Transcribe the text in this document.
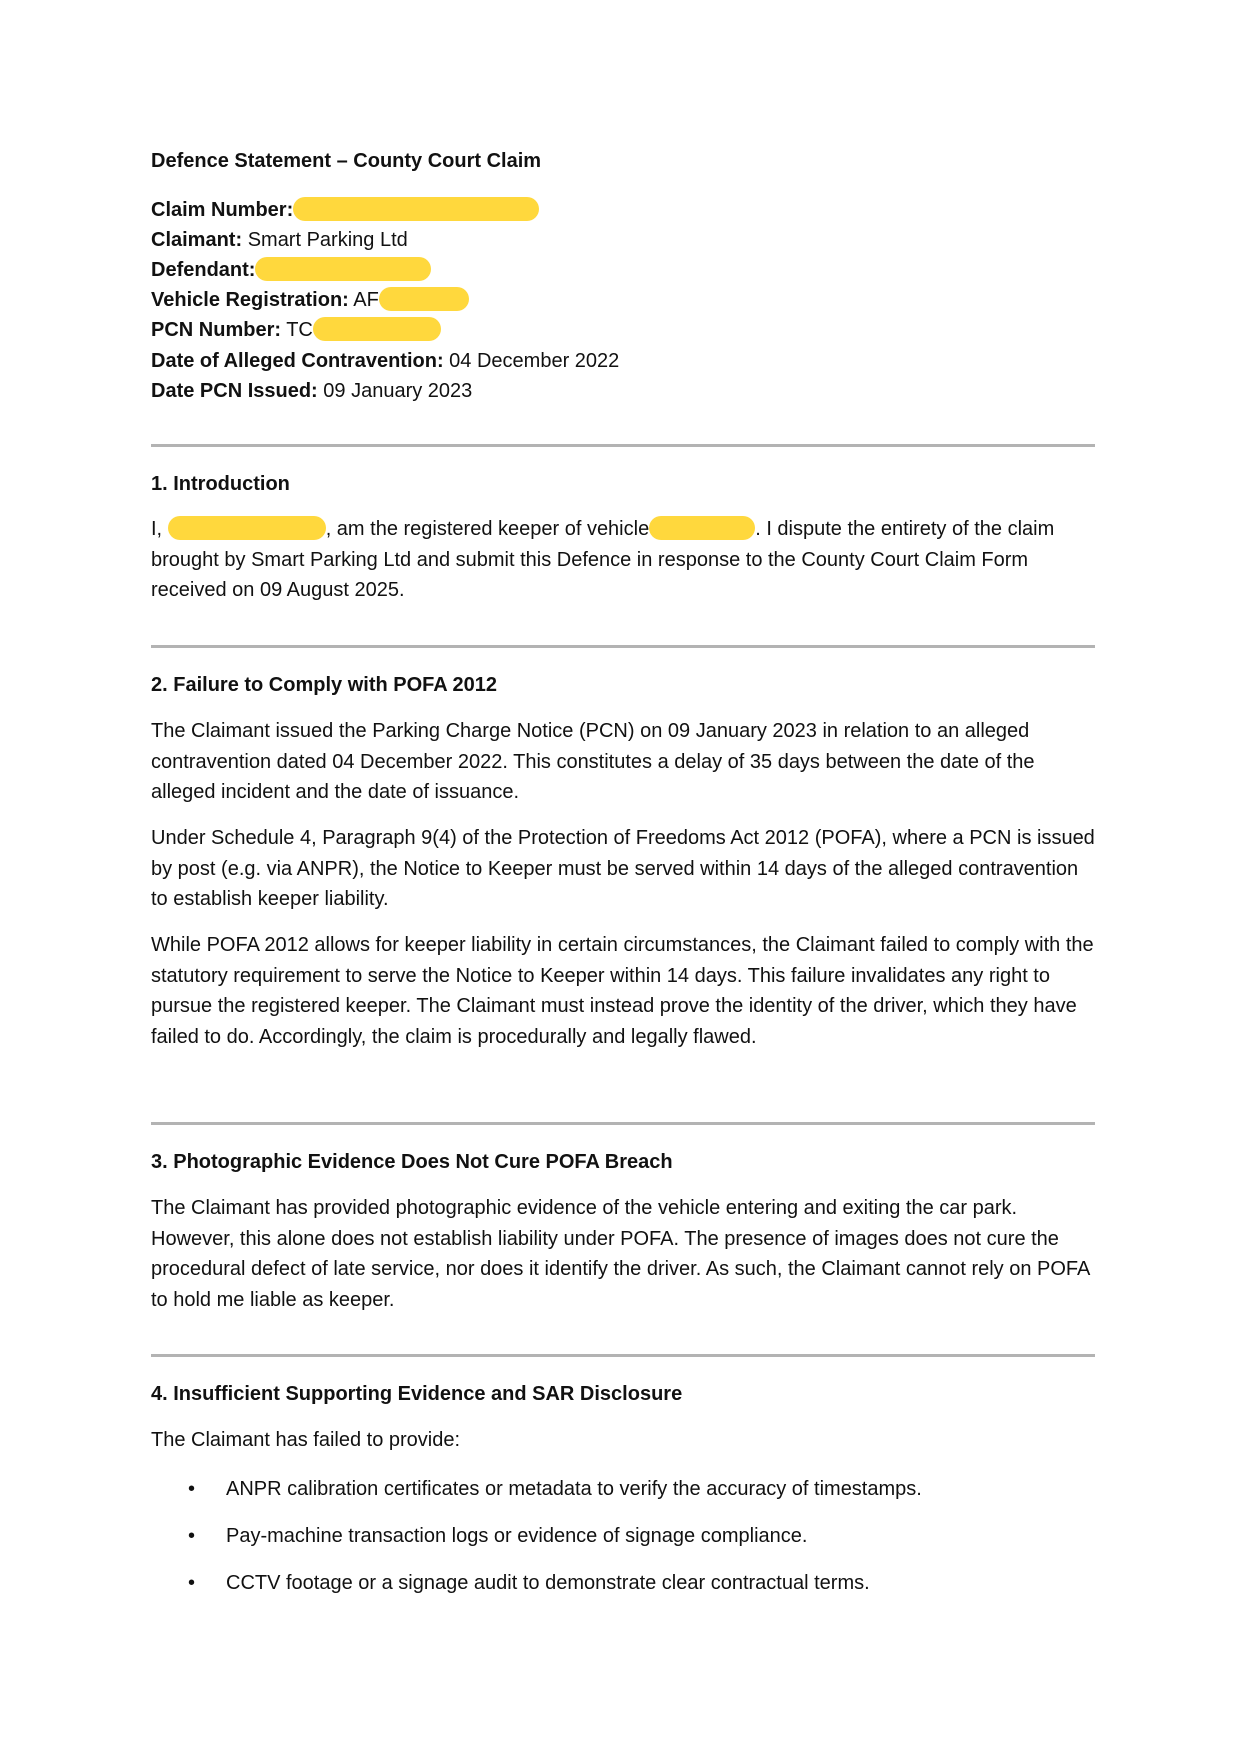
Defence Statement – County Court Claim
Claim Number:
Claimant: Smart Parking Ltd
Defendant:
Vehicle Registration: AF
PCN Number: TC
Date of Alleged Contravention: 04 December 2022
Date PCN Issued: 09 January 2023
1. Introduction
I,	, am the registered keeper of vehicle	. I dispute the entirety of the claim brought by Smart Parking Ltd and submit this Defence in response to the County Court Claim Form received on 09 August 2025.
2. Failure to Comply with POFA 2012
The Claimant issued the Parking Charge Notice (PCN) on 09 January 2023 in relation to an alleged contravention dated 04 December 2022. This constitutes a delay of 35 days between the date of the alleged incident and the date of issuance.
Under Schedule 4, Paragraph 9(4) of the Protection of Freedoms Act 2012 (POFA), where a PCN is issued by post (e.g. via ANPR), the Notice to Keeper must be served within 14 days of the alleged contravention to establish keeper liability.
While POFA 2012 allows for keeper liability in certain circumstances, the Claimant failed to comply with the statutory requirement to serve the Notice to Keeper within 14 days. This failure invalidates any right to pursue the registered keeper. The Claimant must instead prove the identity of the driver, which they have failed to do. Accordingly, the claim is procedurally and legally flawed.
3. Photographic Evidence Does Not Cure POFA Breach
The Claimant has provided photographic evidence of the vehicle entering and exiting the car park. However, this alone does not establish liability under POFA. The presence of images does not cure the procedural defect of late service, nor does it identify the driver. As such, the Claimant cannot rely on POFA to hold me liable as keeper.
4. Insufficient Supporting Evidence and SAR Disclosure
The Claimant has failed to provide:
• ANPR calibration certificates or metadata to verify the accuracy of timestamps.
• Pay-machine transaction logs or evidence of signage compliance.
• CCTV footage or a signage audit to demonstrate clear contractual terms.
